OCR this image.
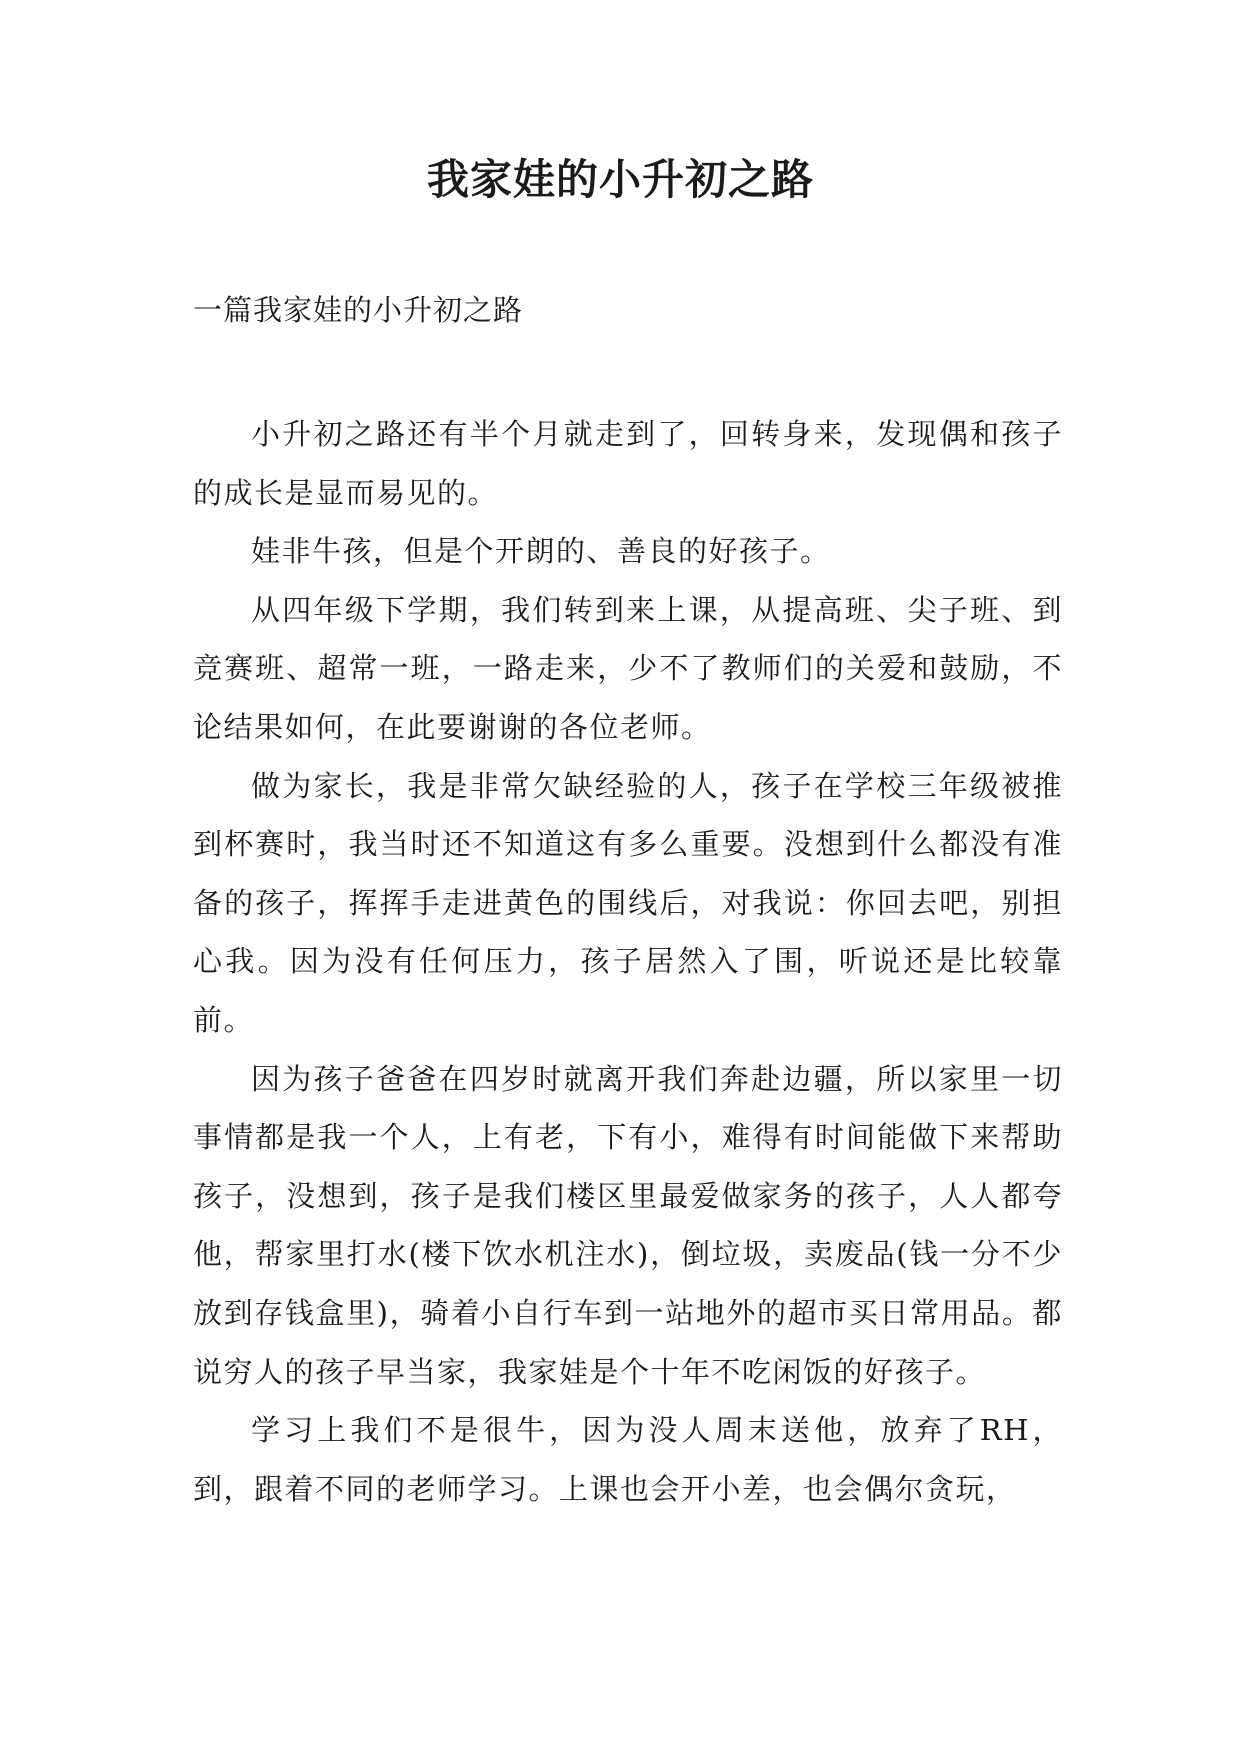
我家娃的小升初之路
一篇我家娃的小升初之路

小升初之路还有半个月就走到了，回转身来，发现偶和孩子的成长是显而易见的。

娃非牛孩，但是个开朗的、善良的好孩子。

从四年级下学期，我们转到来上课，从提高班、尖子班、到竞赛班、超常一班，一路走来，少不了教师们的关爱和鼓励，不论结果如何，在此要谢谢的各位老师。

做为家长，我是非常欠缺经验的人，孩子在学校三年级被推到杯赛时，我当时还不知道这有多么重要。没想到什么都没有准备的孩子，挥挥手走进黄色的围线后，对我说：你回去吧，别担心我。因为没有任何压力，孩子居然入了围，听说还是比较靠前。

因为孩子爸爸在四岁时就离开我们奔赴边疆，所以家里一切事情都是我一个人，上有老，下有小，难得有时间能做下来帮助孩子，没想到，孩子是我们楼区里最爱做家务的孩子，人人都夸他，帮家里打水(楼下饮水机注水)，倒垃圾，卖废品(钱一分不少放到存钱盒里)，骑着小自行车到一站地外的超市买日常用品。都说穷人的孩子早当家，我家娃是个十年不吃闲饭的好孩子。

学习上我们不是很牛，因为没人周末送他，放弃了RH，到，跟着不同的老师学习。上课也会开小差，也会偶尔贪玩，
